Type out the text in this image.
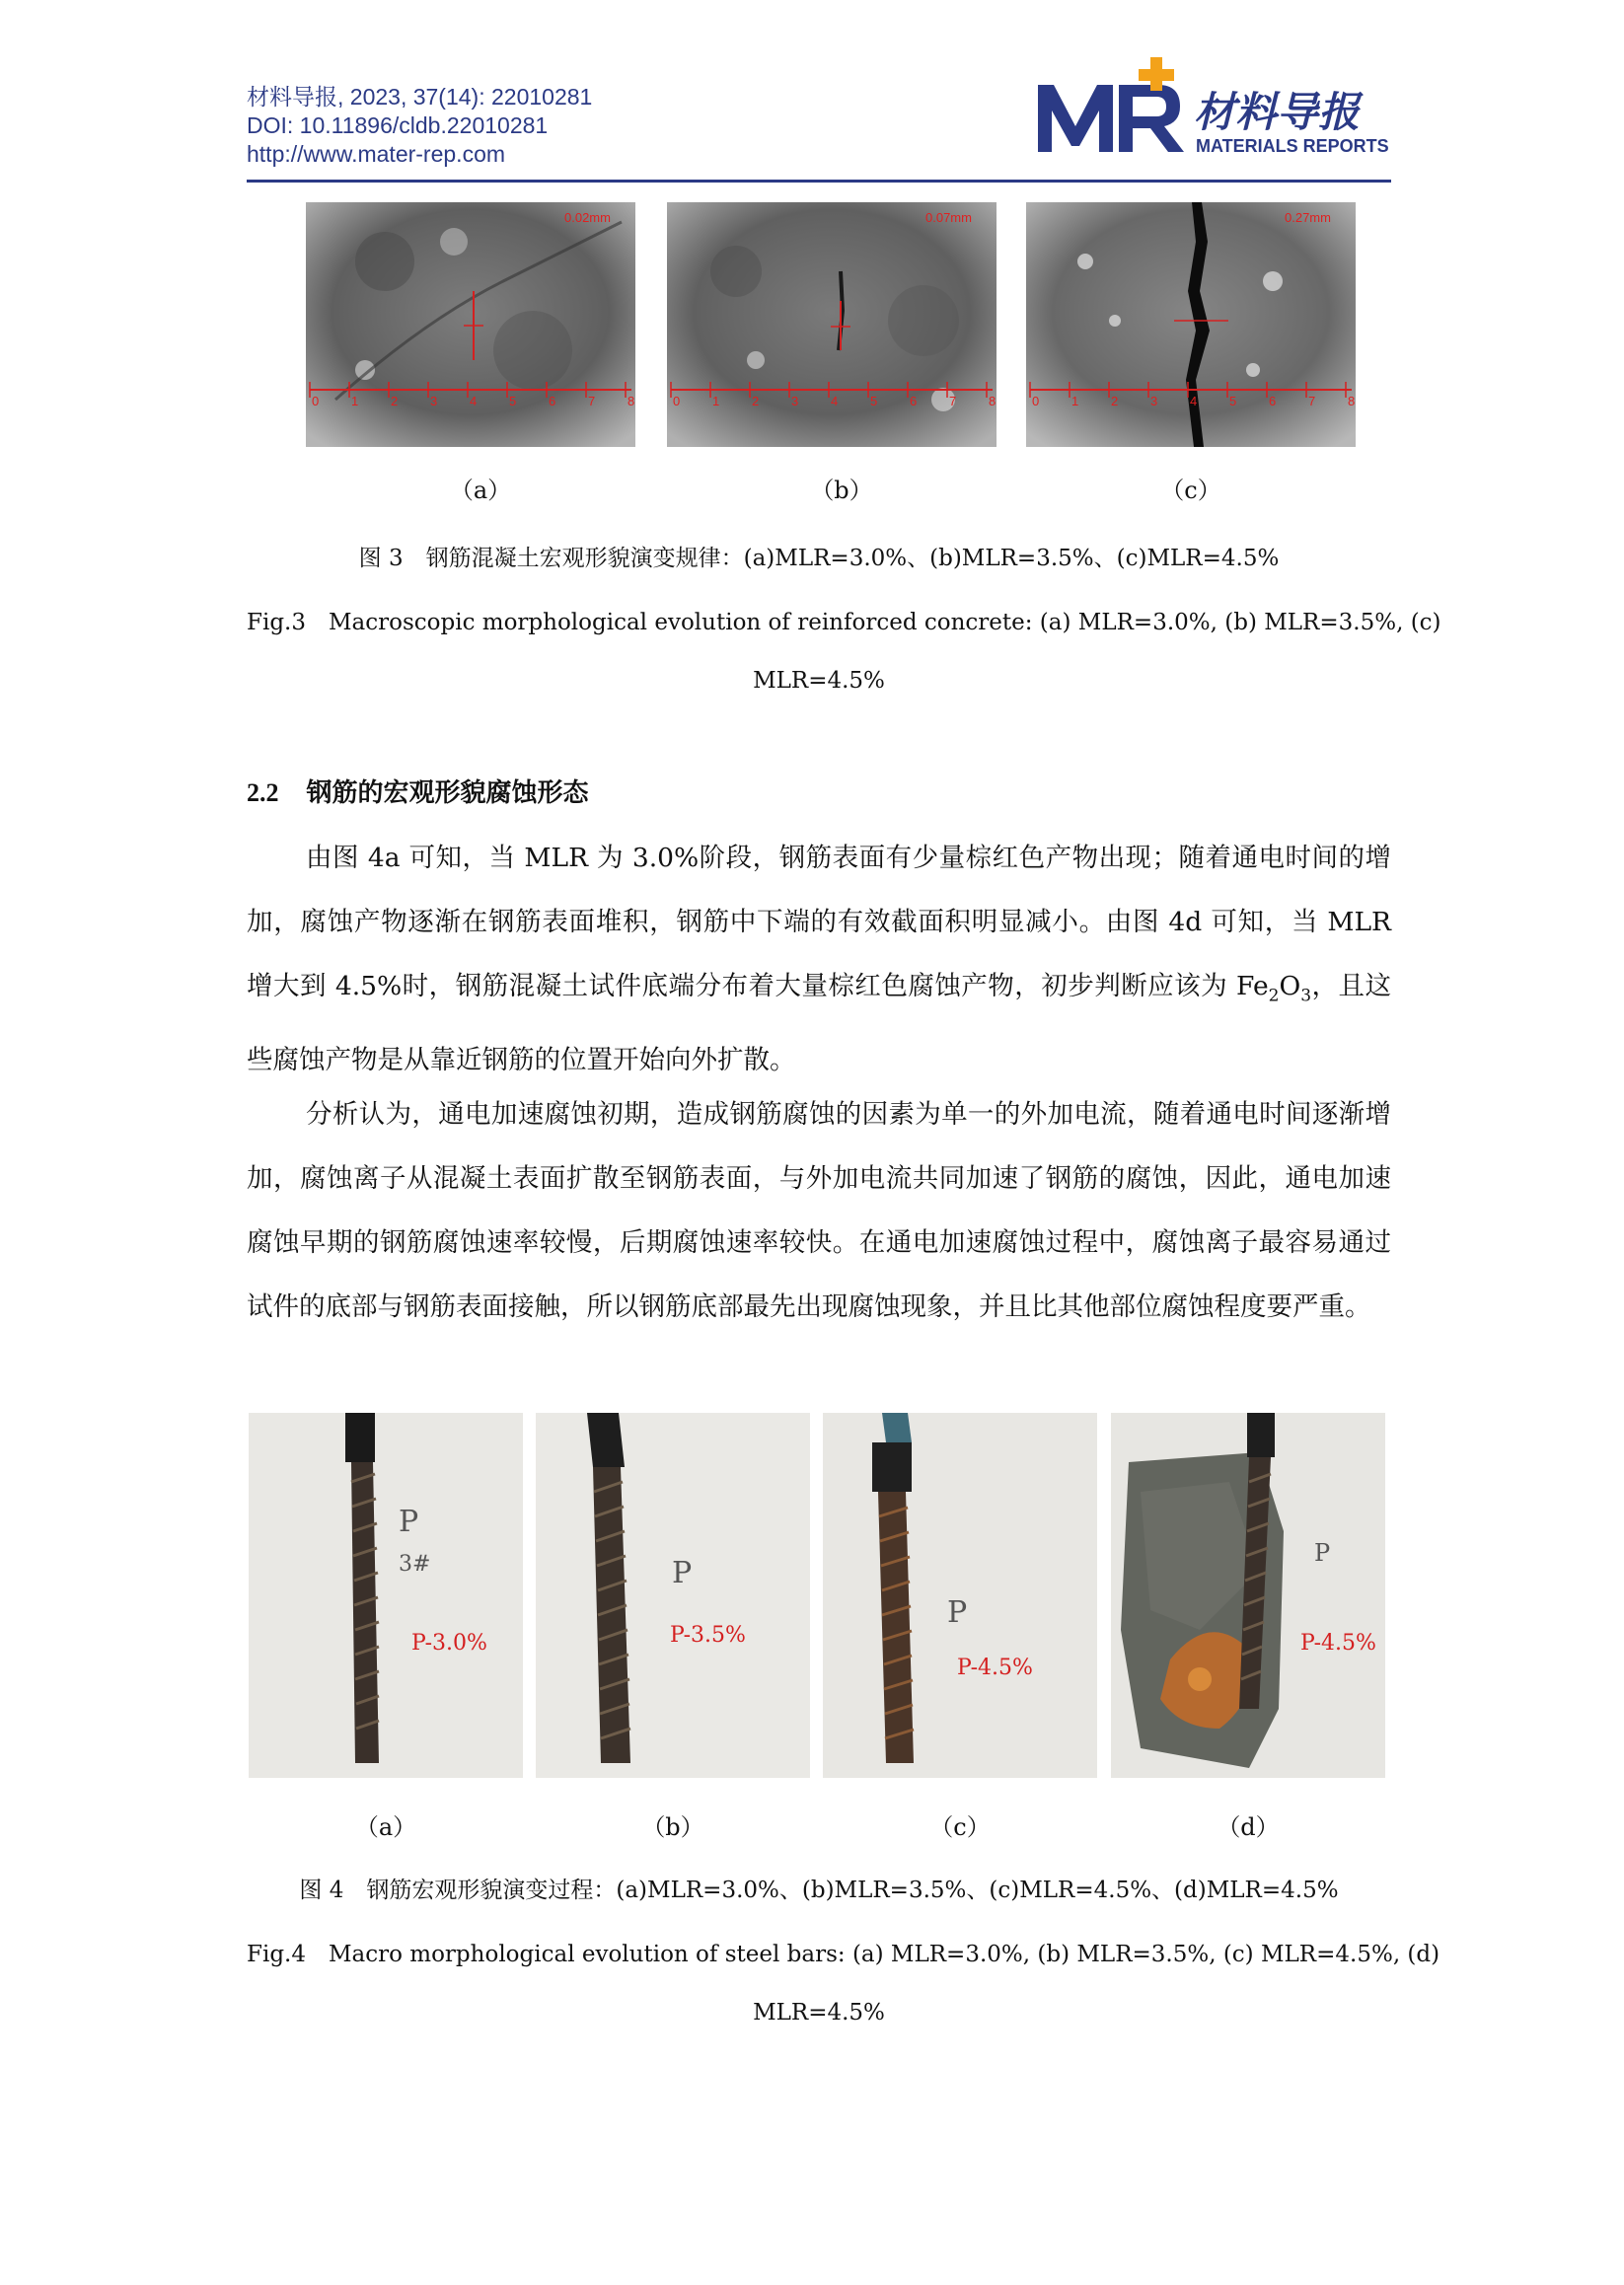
材料导报, 2023, 37(14): 22010281
DOI: 10.11896/cldb.22010281
http://www.mater-rep.com
材料导报
MATERIALS REPORTS
0.02mm
0	1	2	3	4	5	6	7	8
0.07mm
0	1	2	3	4	5	6	7	8
0.27mm
0	1	2	3	4	5	6	7	8
（a）	（b）	（c）
图 3　钢筋混凝土宏观形貌演变规律：(a)MLR=3.0%、(b)MLR=3.5%、(c)MLR=4.5%
Fig.3　Macroscopic morphological evolution of reinforced concrete: (a) MLR=3.0%, (b) MLR=3.5%, (c)
MLR=4.5%
2.2 钢筋的宏观形貌腐蚀形态
由图 4a 可知，当 MLR 为 3.0%阶段，钢筋表面有少量棕红色产物出现；随着通电时间的增加，腐蚀产物逐渐在钢筋表面堆积，钢筋中下端的有效截面积明显减小。由图 4d 可知，当 MLR 增大到 4.5%时，钢筋混凝土试件底端分布着大量棕红色腐蚀产物，初步判断应该为 $Fe_2O_3$，且这些腐蚀产物是从靠近钢筋的位置开始向外扩散。
分析认为，通电加速腐蚀初期，造成钢筋腐蚀的因素为单一的外加电流，随着通电时间逐渐增加，腐蚀离子从混凝土表面扩散至钢筋表面，与外加电流共同加速了钢筋的腐蚀，因此，通电加速腐蚀早期的钢筋腐蚀速率较慢，后期腐蚀速率较快。在通电加速腐蚀过程中，腐蚀离子最容易通过试件的底部与钢筋表面接触，所以钢筋底部最先出现腐蚀现象，并且比其他部位腐蚀程度要严重。
P
3#
P-3.0%
P
P-3.5%
P
P-4.5%
P
P-4.5%
（a）	（b）	（c）	（d）
图 4　钢筋宏观形貌演变过程：(a)MLR=3.0%、(b)MLR=3.5%、(c)MLR=4.5%、(d)MLR=4.5%
Fig.4　Macro morphological evolution of steel bars: (a) MLR=3.0%, (b) MLR=3.5%, (c) MLR=4.5%, (d)
MLR=4.5%
